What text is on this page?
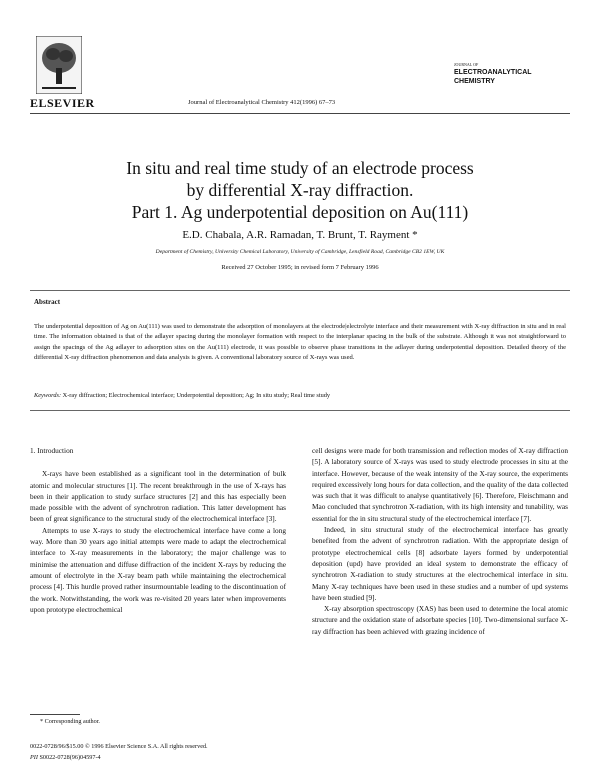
ELSEVIER	Journal of Electroanalytical Chemistry 412(1996) 67–73
JOURNAL OF
ELECTROANALYTICAL
CHEMISTRY
In situ and real time study of an electrode process
by differential X-ray diffraction.
Part 1. Ag underpotential deposition on Au(111)
E.D. Chabala, A.R. Ramadan, T. Brunt, T. Rayment *
Department of Chemistry, University Chemical Laboratory, University of Cambridge, Lensfield Road, Cambridge CB2 1EW, UK
Received 27 October 1995; in revised form 7 February 1996
Abstract
The underpotential deposition of Ag on Au(111) was used to demonstrate the adsorption of monolayers at the electrode|electrolyte interface and their measurement with X-ray diffraction in situ and in real time. The information obtained is that of the adlayer spacing during the monolayer formation with respect to the interplanar spacing in the bulk of the substrate. Although it was not straightforward to assign the spacings of the Ag adlayer to adsorption sites on the Au(111) electrode, it was possible to observe phase transitions in the adlayer during underpotential deposition. Detailed theory of the differential X-ray diffraction phenomenon and data analysis is given. A conventional laboratory source of X-rays was used.
Keywords: X-ray diffraction; Electrochemical interface; Underpotential deposition; Ag; In situ study; Real time study

1. Introduction

X-rays have been established as a significant tool in the determination of bulk atomic and molecular structures [1]. The recent breakthrough in the use of X-rays has been in their application to study surface structures [2] and this has especially been made possible with the advent of synchrotron radiation. This latter development has been of great significance to the structural study of the electrochemical interface [3].

Attempts to use X-rays to study the electrochemical interface have come a long way. More than 30 years ago initial attempts were made to adapt the electrochemical interface to X-ray measurements in the laboratory; the major challenge was to minimise the attenuation and diffuse diffraction of the incident X-rays by reducing the amount of electrolyte in the X-ray beam path while maintaining the electrochemical process [4]. This hurdle proved rather insurmountable leading to the discontinuation of the work. Notwithstanding, the work was re-visited 20 years later when improvements upon prototype electrochemical

cell designs were made for both transmission and reflection modes of X-ray diffraction [5]. A laboratory source of X-rays was used to study electrode processes in situ at the interface. However, because of the weak intensity of the X-ray source, the experiments required excessively long hours for data collection, and the quality of the data collected was such that it was difficult to analyse quantitatively [6]. Therefore, Fleischmann and Mao concluded that synchrotron X-radiation, with its high intensity and tunability, was essential for the in situ structural study of the electrochemical interface [7].

Indeed, in situ structural study of the electrochemical interface has greatly benefited from the advent of synchrotron radiation. With the appropriate design of prototype electrochemical cells [8] adsorbate layers formed by underpotential deposition (upd) have provided an ideal system to demonstrate the efficacy of synchrotron X-radiation to study structures at the electrochemical interface in situ. Many X-ray techniques have been used in these studies and a number of upd systems have been studied [9].

X-ray absorption spectroscopy (XAS) has been used to determine the local atomic structure and the oxidation state of adsorbate species [10]. Two-dimensional surface X-ray diffraction has been achieved with grazing incidence of

* Corresponding author.
0022-0728/96/$15.00 © 1996 Elsevier Science S.A. All rights reserved.
PII S0022-0728(96)04597-4
